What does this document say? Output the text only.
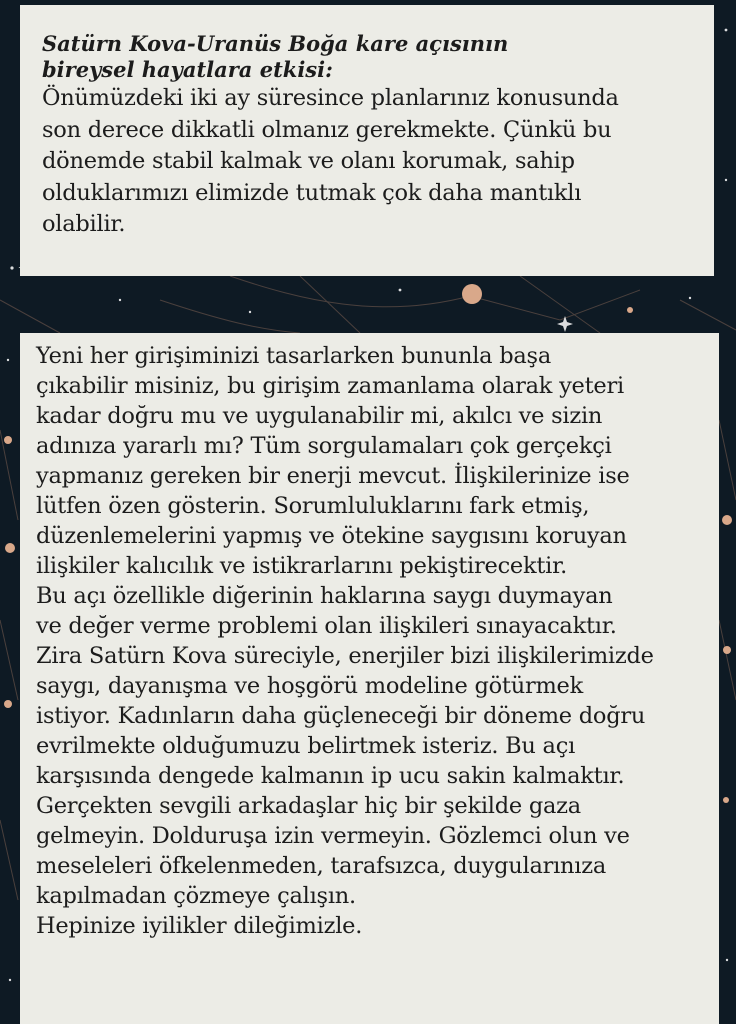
Satürn Kova-Uranüs Boğa kare açısının
bireysel hayatlara etkisi:

Önümüzdeki iki ay süresince planlarınız konusunda
son derece dikkatli olmanız gerekmekte. Çünkü bu
dönemde stabil kalmak ve olanı korumak, sahip
olduklarımızı elimizde tutmak çok daha mantıklı
olabilir.

Yeni her girişiminizi tasarlarken bununla başa
çıkabilir misiniz, bu girişim zamanlama olarak yeteri
kadar doğru mu ve uygulanabilir mi, akılcı ve sizin
adınıza yararlı mı? Tüm sorgulamaları çok gerçekçi
yapmanız gereken bir enerji mevcut. İlişkilerinize ise
lütfen özen gösterin. Sorumluluklarını fark etmiş,
düzenlemelerini yapmış ve ötekine saygısını koruyan
ilişkiler kalıcılık ve istikrarlarını pekiştirecektir.
Bu açı özellikle diğerinin haklarına saygı duymayan
ve değer verme problemi olan ilişkileri sınayacaktır.
Zira Satürn Kova süreciyle, enerjiler bizi ilişkilerimizde
saygı, dayanışma ve hoşgörü modeline götürmek
istiyor. Kadınların daha güçleneceği bir döneme doğru
evrilmekte olduğumuzu belirtmek isteriz. Bu açı
karşısında dengede kalmanın ip ucu sakin kalmaktır.
Gerçekten sevgili arkadaşlar hiç bir şekilde gaza
gelmeyin. Dolduruşa izin vermeyin. Gözlemci olun ve
meseleleri öfkelenmeden, tarafsızca, duygularınıza
kapılmadan çözmeye çalışın.
Hepinize iyilikler dileğimizle.
